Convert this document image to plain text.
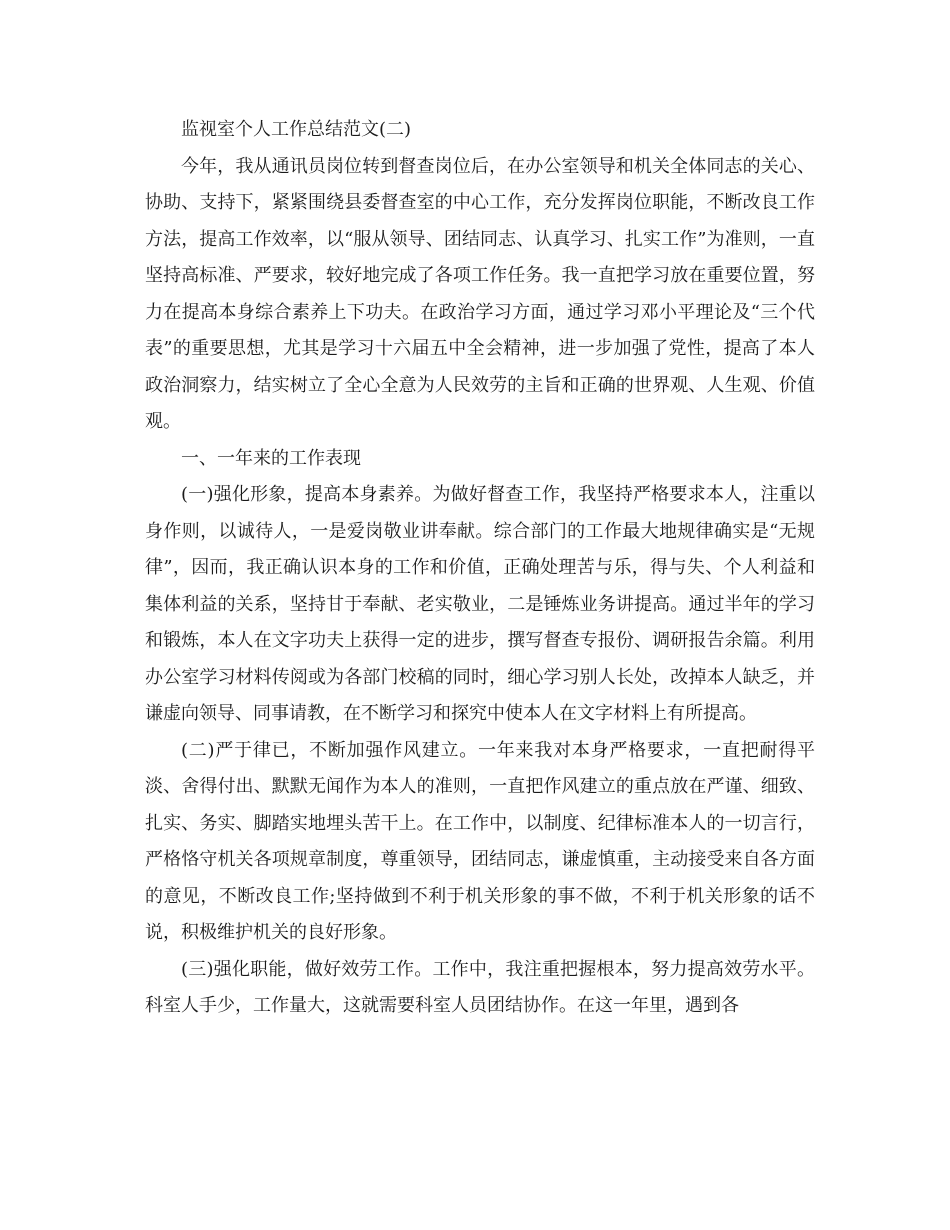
监视室个人工作总结范文(二)

今年，我从通讯员岗位转到督查岗位后，在办公室领导和机关全体同志的关心、协助、支持下，紧紧围绕县委督查室的中心工作，充分发挥岗位职能，不断改良工作方法，提高工作效率，以“服从领导、团结同志、认真学习、扎实工作”为准则，一直坚持高标准、严要求，较好地完成了各项工作任务。我一直把学习放在重要位置，努力在提高本身综合素养上下功夫。在政治学习方面，通过学习邓小平理论及“三个代表”的重要思想，尤其是学习十六届五中全会精神，进一步加强了党性，提高了本人政治洞察力，结实树立了全心全意为人民效劳的主旨和正确的世界观、人生观、价值观。

一、一年来的工作表现

(一)强化形象，提高本身素养。为做好督查工作，我坚持严格要求本人，注重以身作则，以诚待人，一是爱岗敬业讲奉献。综合部门的工作最大地规律确实是“无规律”，因而，我正确认识本身的工作和价值，正确处理苦与乐，得与失、个人利益和集体利益的关系，坚持甘于奉献、老实敬业，二是锤炼业务讲提高。通过半年的学习和锻炼，本人在文字功夫上获得一定的进步，撰写督查专报份、调研报告余篇。利用办公室学习材料传阅或为各部门校稿的同时，细心学习别人长处，改掉本人缺乏，并谦虚向领导、同事请教，在不断学习和探究中使本人在文字材料上有所提高。

(二)严于律已，不断加强作风建立。一年来我对本身严格要求，一直把耐得平淡、舍得付出、默默无闻作为本人的准则，一直把作风建立的重点放在严谨、细致、扎实、务实、脚踏实地埋头苦干上。在工作中，以制度、纪律标准本人的一切言行，严格恪守机关各项规章制度，尊重领导，团结同志，谦虚慎重，主动接受来自各方面的意见，不断改良工作;坚持做到不利于机关形象的事不做，不利于机关形象的话不说，积极维护机关的良好形象。

(三)强化职能，做好效劳工作。工作中，我注重把握根本，努力提高效劳水平。科室人手少，工作量大，这就需要科室人员团结协作。在这一年里，遇到各
